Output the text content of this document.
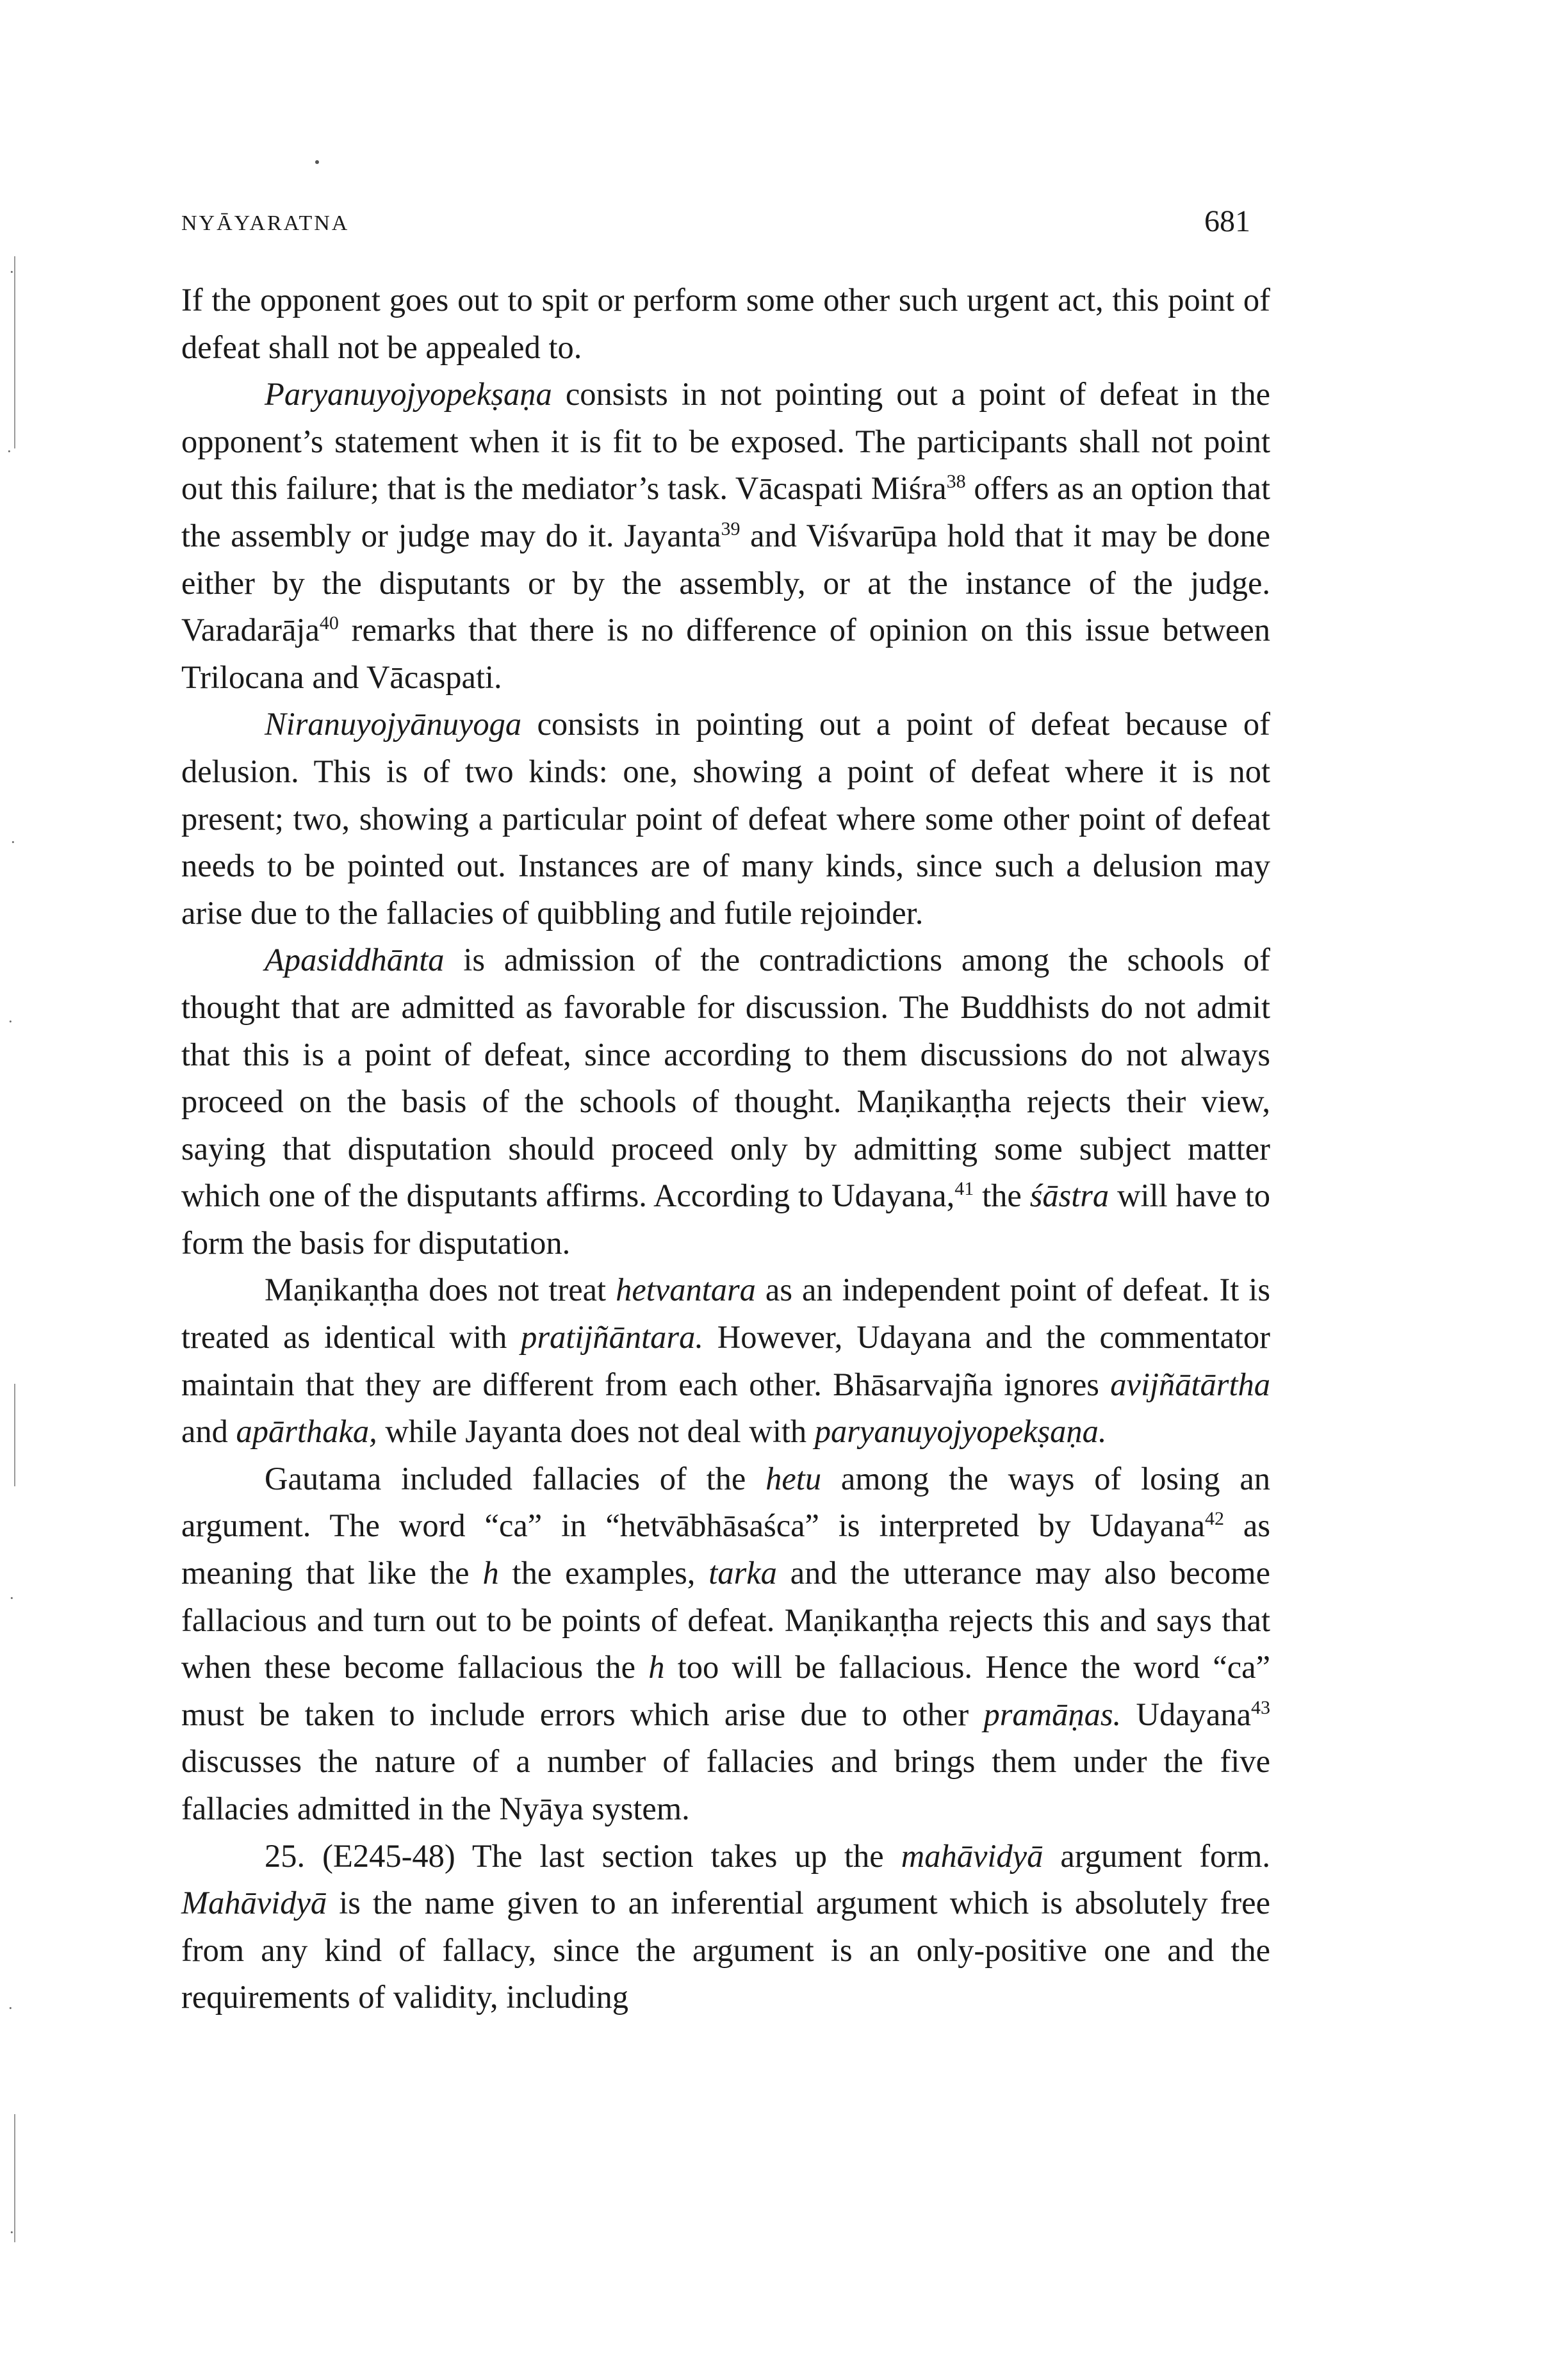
·
·
·
·
·
·
·
NYĀYARATNA	681

If the opponent goes out to spit or perform some other such urgent act, this point of defeat shall not be appealed to.

Paryanuyojyopekṣaṇa consists in not pointing out a point of defeat in the opponent’s statement when it is fit to be exposed. The participants shall not point out this failure; that is the mediator’s task. Vācaspati Miśra$^{38}$ offers as an option that the assembly or judge may do it. Jayanta$^{39}$ and Viśvarūpa hold that it may be done either by the disputants or by the assembly, or at the instance of the judge. Varadarāja$^{40}$ remarks that there is no difference of opinion on this issue between Trilocana and Vācaspati.

Niranuyojyānuyoga consists in pointing out a point of defeat because of delusion. This is of two kinds: one, showing a point of defeat where it is not present; two, showing a particular point of defeat where some other point of defeat needs to be pointed out. Instances are of many kinds, since such a delusion may arise due to the fallacies of quibbling and futile rejoinder.

Apasiddhānta is admission of the contradictions among the schools of thought that are admitted as favorable for discussion. The Buddhists do not admit that this is a point of defeat, since according to them discussions do not always proceed on the basis of the schools of thought. Maṇikaṇṭha rejects their view, saying that disputation should proceed only by admitting some subject matter which one of the disputants affirms. According to Udayana,$^{41}$ the śāstra will have to form the basis for disputation.

Maṇikaṇṭha does not treat hetvantara as an independent point of defeat. It is treated as identical with pratijñāntara. However, Udayana and the commentator maintain that they are different from each other. Bhāsarvajña ignores avijñātārtha and apārthaka, while Jayanta does not deal with paryanuyojyopekṣaṇa.

Gautama included fallacies of the hetu among the ways of losing an argument. The word “ca” in “hetvābhāsaśca” is interpreted by Udayana$^{42}$ as meaning that like the h the examples, tarka and the utterance may also become fallacious and turn out to be points of defeat. Maṇikaṇṭha rejects this and says that when these become fallacious the h too will be fallacious. Hence the word “ca” must be taken to include errors which arise due to other pramāṇas. Udayana$^{43}$ discusses the nature of a number of fallacies and brings them under the five fallacies admitted in the Nyāya system.

25. (E245-48) The last section takes up the mahāvidyā argument form. Mahāvidyā is the name given to an inferential argument which is absolutely free from any kind of fallacy, since the argument is an only-positive one and the requirements of validity, including
